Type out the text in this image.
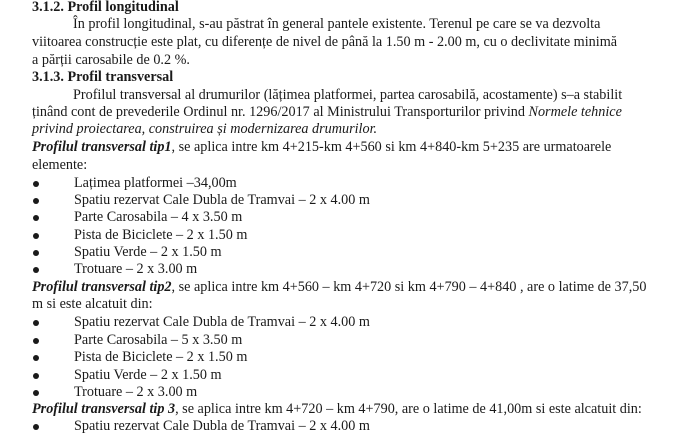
3.1.2. Profil longitudinal
În profil longitudinal, s-au păstrat în general pantele existente. Terenul pe care se va dezvolta
viitoarea construcție este plat, cu diferențe de nivel de până la 1.50 m - 2.00 m, cu o declivitate minimă
a părții carosabile de 0.2 %.
3.1.3. Profil transversal
Profilul transversal al drumurilor (lățimea platformei, partea carosabilă, acostamente) s–a stabilit
ținând cont de prevederile Ordinul nr. 1296/2017 al Ministrului Transporturilor privind Normele tehnice
privind proiectarea, construirea și modernizarea drumurilor.
Profilul transversal tip1, se aplica intre km 4+215-km 4+560 si km 4+840-km 5+235 are urmatoarele
elemente:
Lațimea platformei –34,00m
Spatiu rezervat Cale Dubla de Tramvai – 2 x 4.00 m
Parte Carosabila – 4 x 3.50 m
Pista de Biciclete – 2 x 1.50 m
Spatiu Verde – 2 x 1.50 m
Trotuare – 2 x 3.00 m
Profilul transversal tip2, se aplica intre km 4+560 – km 4+720 si km 4+790 – 4+840 , are o latime de 37,50
m si este alcatuit din:
Spatiu rezervat Cale Dubla de Tramvai – 2 x 4.00 m
Parte Carosabila – 5 x 3.50 m
Pista de Biciclete – 2 x 1.50 m
Spatiu Verde – 2 x 1.50 m
Trotuare – 2 x 3.00 m
Profilul transversal tip 3, se aplica intre km 4+720 – km 4+790, are o latime de 41,00m si este alcatuit din:
Spatiu rezervat Cale Dubla de Tramvai – 2 x 4.00 m
